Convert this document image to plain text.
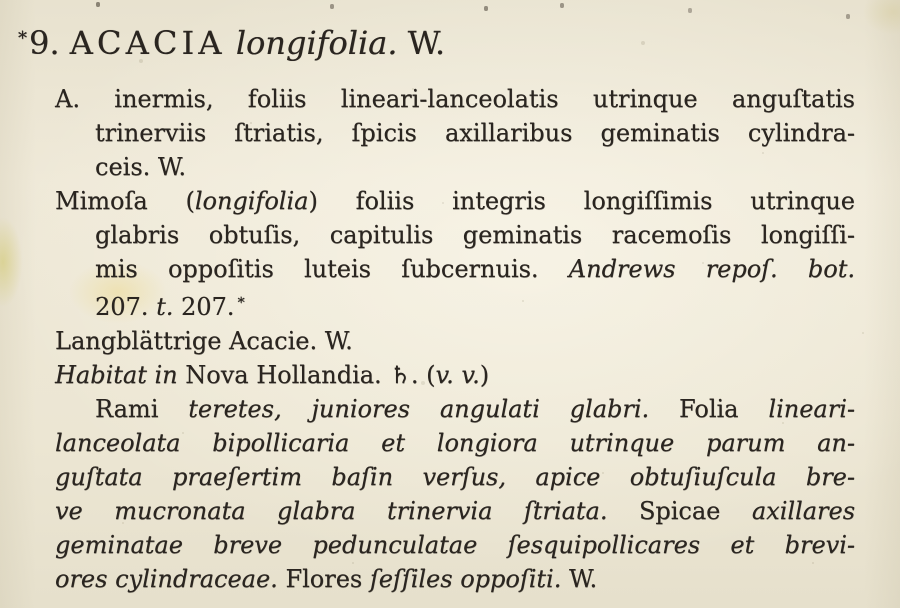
*9. ACACIA longifolia. W.

A. inermis, foliis lineari-lanceolatis utrinque anguſtatis

trinerviis ſtriatis, ſpicis axillaribus geminatis cylindra-

ceis. W.

Mimoſa (longifolia) foliis integris longiſſimis utrinque

glabris obtuſis, capitulis geminatis racemoſis longiſſi-

mis oppoſitis luteis ſubcernuis. Andrews repoſ. bot.

207. t. 207. *

Langblättrige Acacie. W.

Habitat in Nova Hollandia. ♄. (v. v.)

Rami teretes, juniores angulati glabri. Folia lineari-

lanceolata bipollicaria et longiora utrinque parum an-

guſtata praeſertim baſin verſus, apice obtuſiuſcula bre-

ve mucronata glabra trinervia ſtriata. Spicae axillares

geminatae breve pedunculatae ſesquipollicares et brevi-

ores cylindraceae. Flores ſeſſiles oppoſiti. W.
